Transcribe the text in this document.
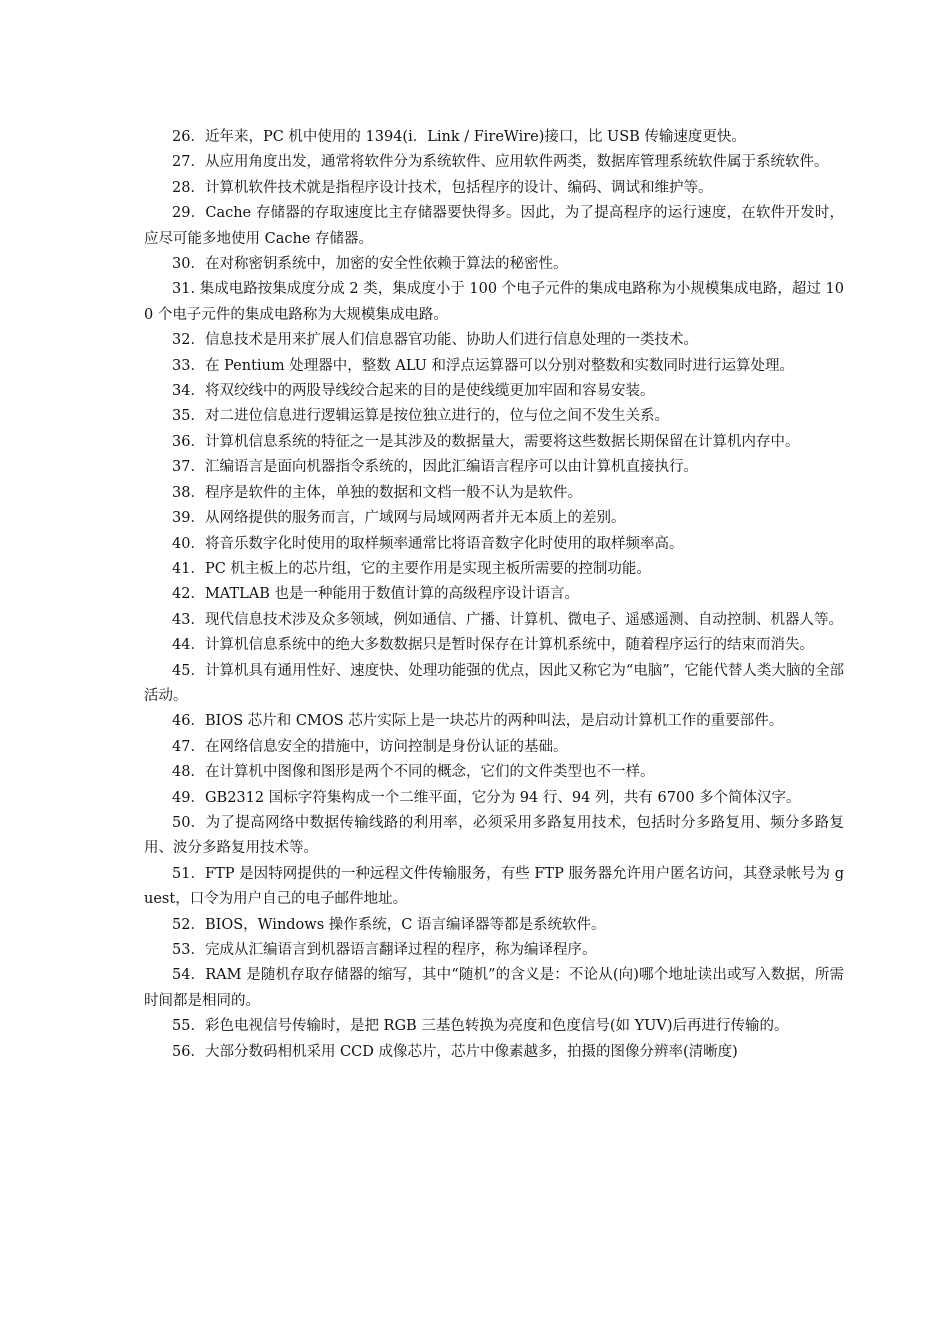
26．近年来，PC 机中使用的 1394(i．Link / FireWire)接口，比 USB 传输速度更快。

27．从应用角度出发，通常将软件分为系统软件、应用软件两类，数据库管理系统软件属于系统软件。

28．计算机软件技术就是指程序设计技术，包括程序的设计、编码、调试和维护等。

29．Cache 存储器的存取速度比主存储器要快得多。因此，为了提高程序的运行速度，在软件开发时，应尽可能多地使用 Cache 存储器。

30．在对称密钥系统中，加密的安全性依赖于算法的秘密性。

31. 集成电路按集成度分成 2 类，集成度小于 100 个电子元件的集成电路称为小规模集成电路，超过 100 个电子元件的集成电路称为大规模集成电路。

32．信息技术是用来扩展人们信息器官功能、协助人们进行信息处理的一类技术。

33．在 Pentium 处理器中，整数 ALU 和浮点运算器可以分别对整数和实数同时进行运算处理。

34．将双绞线中的两股导线绞合起来的目的是使线缆更加牢固和容易安装。

35．对二进位信息进行逻辑运算是按位独立进行的，位与位之间不发生关系。

36．计算机信息系统的特征之一是其涉及的数据量大，需要将这些数据长期保留在计算机内存中。

37．汇编语言是面向机器指令系统的，因此汇编语言程序可以由计算机直接执行。

38．程序是软件的主体，单独的数据和文档一般不认为是软件。

39．从网络提供的服务而言，广域网与局域网两者并无本质上的差别。

40．将音乐数字化时使用的取样频率通常比将语音数字化时使用的取样频率高。

41．PC 机主板上的芯片组，它的主要作用是实现主板所需要的控制功能。

42．MATLAB 也是一种能用于数值计算的高级程序设计语言。

43．现代信息技术涉及众多领域，例如通信、广播、计算机、微电子、遥感遥测、自动控制、机器人等。

44．计算机信息系统中的绝大多数数据只是暂时保存在计算机系统中，随着程序运行的结束而消失。

45．计算机具有通用性好、速度快、处理功能强的优点，因此又称它为“电脑”，它能代替人类大脑的全部活动。

46．BIOS 芯片和 CMOS 芯片实际上是一块芯片的两种叫法，是启动计算机工作的重要部件。

47．在网络信息安全的措施中，访问控制是身份认证的基础。

48．在计算机中图像和图形是两个不同的概念，它们的文件类型也不一样。

49．GB2312 国标字符集构成一个二维平面，它分为 94 行、94 列，共有 6700 多个简体汉字。

50．为了提高网络中数据传输线路的利用率，必须采用多路复用技术，包括时分多路复用、频分多路复用、波分多路复用技术等。

51．FTP 是因特网提供的一种远程文件传输服务，有些 FTP 服务器允许用户匿名访问，其登录帐号为 guest，口令为用户自己的电子邮件地址。

52．BIOS，Windows 操作系统，C 语言编译器等都是系统软件。

53．完成从汇编语言到机器语言翻译过程的程序，称为编译程序。

54．RAM 是随机存取存储器的缩写，其中“随机”的含义是：不论从(向)哪个地址读出或写入数据，所需时间都是相同的。

55．彩色电视信号传输时，是把 RGB 三基色转换为亮度和色度信号(如 YUV)后再进行传输的。

56．大部分数码相机采用 CCD 成像芯片，芯片中像素越多，拍摄的图像分辨率(清晰度)
